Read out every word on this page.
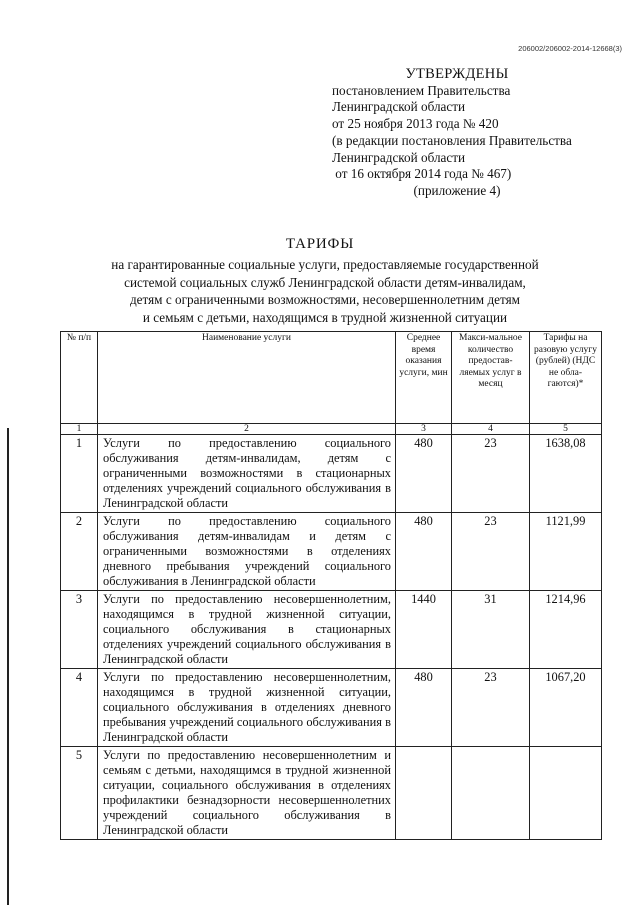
206002/206002-2014-12668(3)
УТВЕРЖДЕНЫ
постановлением Правительства
Ленинградской области
от 25 ноября 2013 года № 420
(в редакции постановления Правительства
Ленинградской области
от 16 октября 2014 года № 467)
(приложение 4)
ТАРИФЫ
на гарантированные социальные услуги, предоставляемые государственной
системой социальных служб Ленинградской области детям-инвалидам,
детям с ограниченными возможностями, несовершеннолетним детям
и семьям с детьми, находящимся в трудной жизненной ситуации
№ п/п	Наименование услуги	Среднее время оказания услуги, мин	Макси-мальное количество предостав-ляемых услуг в месяц	Тарифы на разовую услугу (рублей) (НДС не обла-гаются)*
1	2	3	4	5
1	Услуги по предоставлению социального обслуживания детям-инвалидам, детям с ограниченными возможностями в стационарных отделениях учреждений социального обслуживания в Ленинградской области	480	23	1638,08
2	Услуги по предоставлению социального обслуживания детям-инвалидам и детям с ограниченными возможностями в отделениях дневного пребывания учреждений социального обслуживания в Ленинградской области	480	23	1121,99
3	Услуги по предоставлению несовершеннолетним, находящимся в трудной жизненной ситуации, социального обслуживания в стационарных отделениях учреждений социального обслуживания в Ленинградской области	1440	31	1214,96
4	Услуги по предоставлению несовершеннолетним, находящимся в трудной жизненной ситуации, социального обслуживания в отделениях дневного пребывания учреждений социального обслуживания в Ленинградской области	480	23	1067,20
5	Услуги по предоставлению несовершеннолетним и семьям с детьми, находящимся в трудной жизненной ситуации, социального обслуживания в отделениях профилактики безнадзорности несовершеннолетних учреждений социального обслуживания в Ленинградской области			
